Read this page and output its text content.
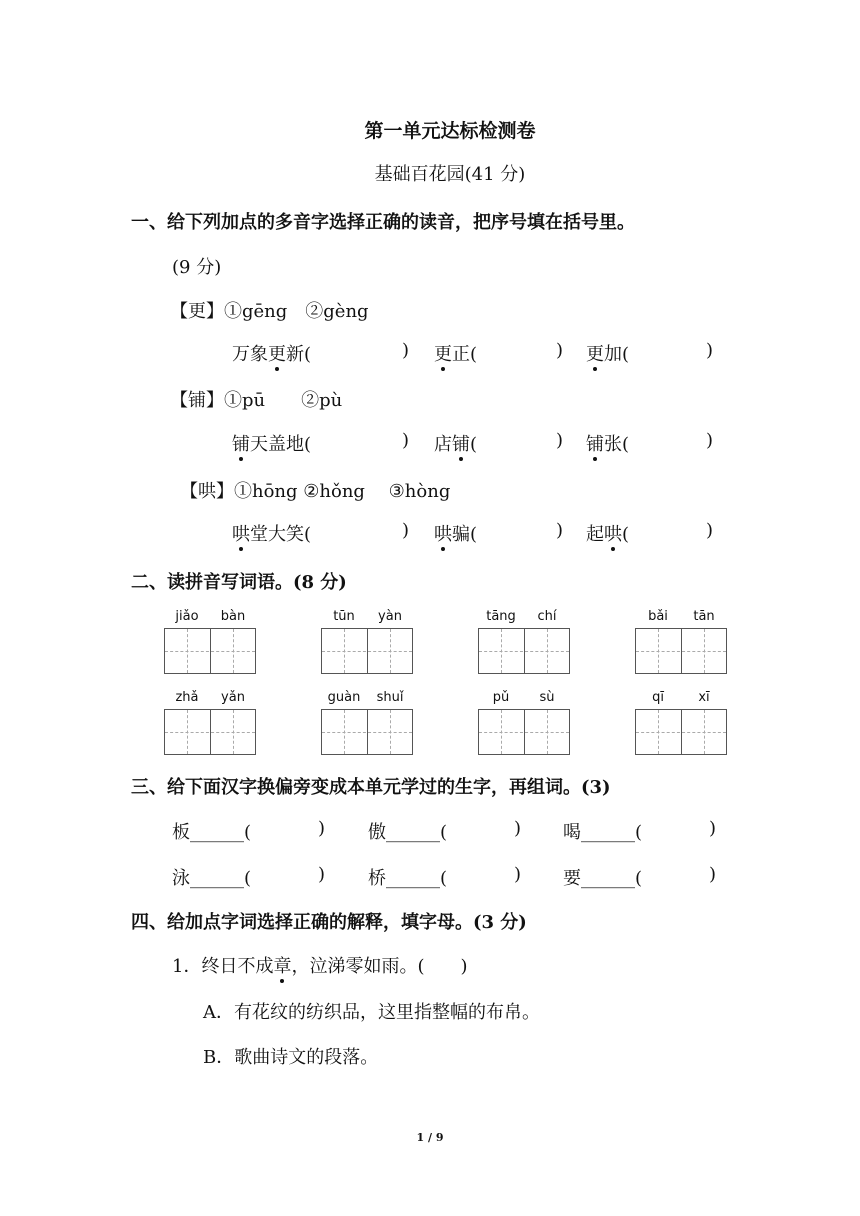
第一单元达标检测卷
基础百花园(41 分)
一、给下列加点的多音字选择正确的读音，把序号填在括号里。
(9 分)
【更】①gēng　②gèng
万象更新(	) 更正(	) 更加(	)
【铺】①pū　　②pù
铺天盖地(	) 店铺(	) 铺张(	)
【哄】①hōng ②hǒng　 ③hòng
哄堂大笑(	) 哄骗(	) 起哄(	)
二、读拼音写词语。(8 分)
jiǎo	bàn	tūn	yàn	tāng	chí	bǎi	tān
zhǎ	yǎn	guàn	shuǐ	pǔ	sù	qī	xī
三、给下面汉字换偏旁变成本单元学过的生字，再组词。(3)
板______(	) 傲______(	) 喝______(	)
泳______(	) 桥______(	) 要______(	)
四、给加点字词选择正确的解释，填字母。(3 分)
1．终日不成章，泣涕零如雨。(　　)
A．有花纹的纺织品，这里指整幅的布帛。
B．歌曲诗文的段落。
1 / 9
